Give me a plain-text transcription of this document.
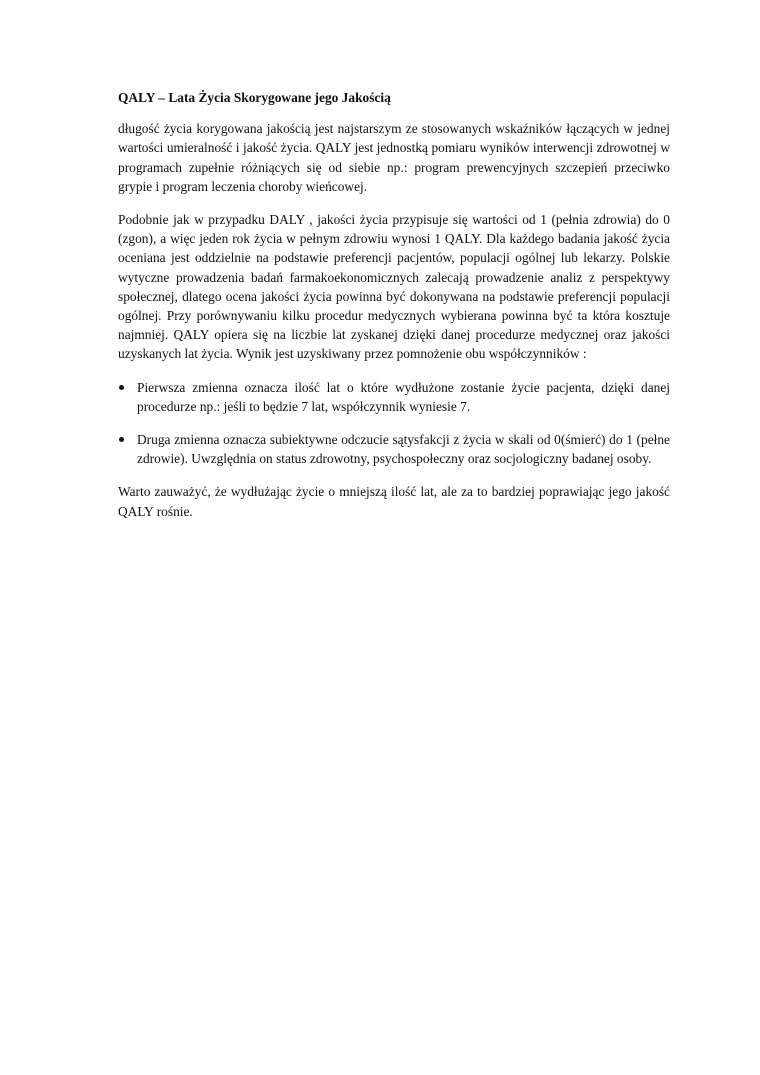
QALY – Lata Życia Skorygowane jego Jakością

długość życia korygowana jakością jest najstarszym ze stosowanych wskaźników łączących w jednej wartości umieralność i jakość życia. QALY jest jednostką pomiaru wyników interwencji zdrowotnej w programach zupełnie różniących się od siebie np.: program prewencyjnych szczepień przeciwko grypie i program leczenia choroby wieńcowej.

Podobnie jak w przypadku DALY , jakości życia przypisuje się wartości od 1 (pełnia zdrowia) do 0 (zgon), a więc jeden rok życia w pełnym zdrowiu wynosi 1 QALY. Dla każdego badania jakość życia oceniana jest oddzielnie na podstawie preferencji pacjentów, populacji ogólnej lub lekarzy. Polskie wytyczne prowadzenia badań farmakoekonomicznych zalecają prowadzenie analiz z perspektywy społecznej, dlatego ocena jakości życia powinna być dokonywana na podstawie preferencji populacji ogólnej. Przy porównywaniu kilku procedur medycznych wybierana powinna być ta która kosztuje najmniej. QALY opiera się na liczbie lat zyskanej dzięki danej procedurze medycznej oraz jakości uzyskanych lat życia. Wynik jest uzyskiwany przez pomnożenie obu współczynników :

Pierwsza zmienna oznacza ilość lat o które wydłużone zostanie życie pacjenta, dzięki danej procedurze np.: jeśli to będzie 7 lat, współczynnik wyniesie 7.
Druga zmienna oznacza subiektywne odczucie sątysfakcji z życia w skali od 0(śmierć) do 1 (pełne zdrowie). Uwzględnia on status zdrowotny, psychospołeczny oraz socjologiczny badanej osoby.

Warto zauważyć, że wydłużając życie o mniejszą ilość lat, ale za to bardziej poprawiając jego jakość QALY rośnie.
